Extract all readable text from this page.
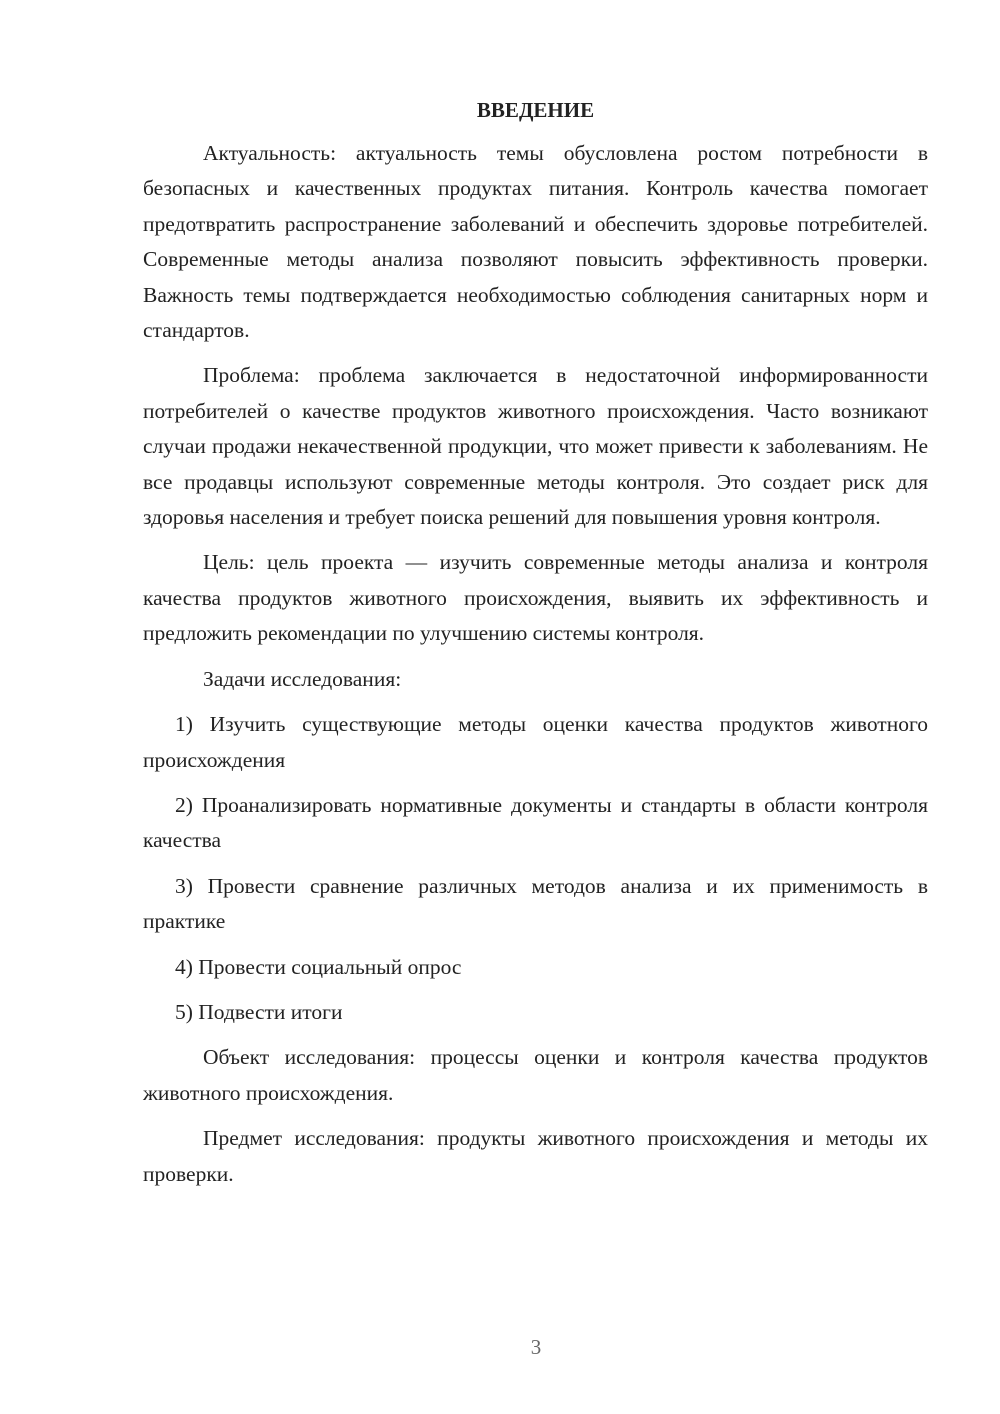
ВВЕДЕНИЕ

Актуальность: актуальность темы обусловлена ростом потребности в безопасных и качественных продуктах питания. Контроль качества помогает предотвратить распространение заболеваний и обеспечить здоровье потребителей. Современные методы анализа позволяют повысить эффективность проверки. Важность темы подтверждается необходимостью соблюдения санитарных норм и стандартов.

Проблема: проблема заключается в недостаточной информированности потребителей о качестве продуктов животного происхождения. Часто возникают случаи продажи некачественной продукции, что может привести к заболеваниям. Не все продавцы используют современные методы контроля. Это создает риск для здоровья населения и требует поиска решений для повышения уровня контроля.

Цель: цель проекта — изучить современные методы анализа и контроля качества продуктов животного происхождения, выявить их эффективность и предложить рекомендации по улучшению системы контроля.

Задачи исследования:

1) Изучить существующие методы оценки качества продуктов животного происхождения

2) Проанализировать нормативные документы и стандарты в области контроля качества

3) Провести сравнение различных методов анализа и их применимость в практике

4) Провести социальный опрос

5) Подвести итоги

Объект исследования: процессы оценки и контроля качества продуктов животного происхождения.

Предмет исследования: продукты животного происхождения и методы их проверки.

3
